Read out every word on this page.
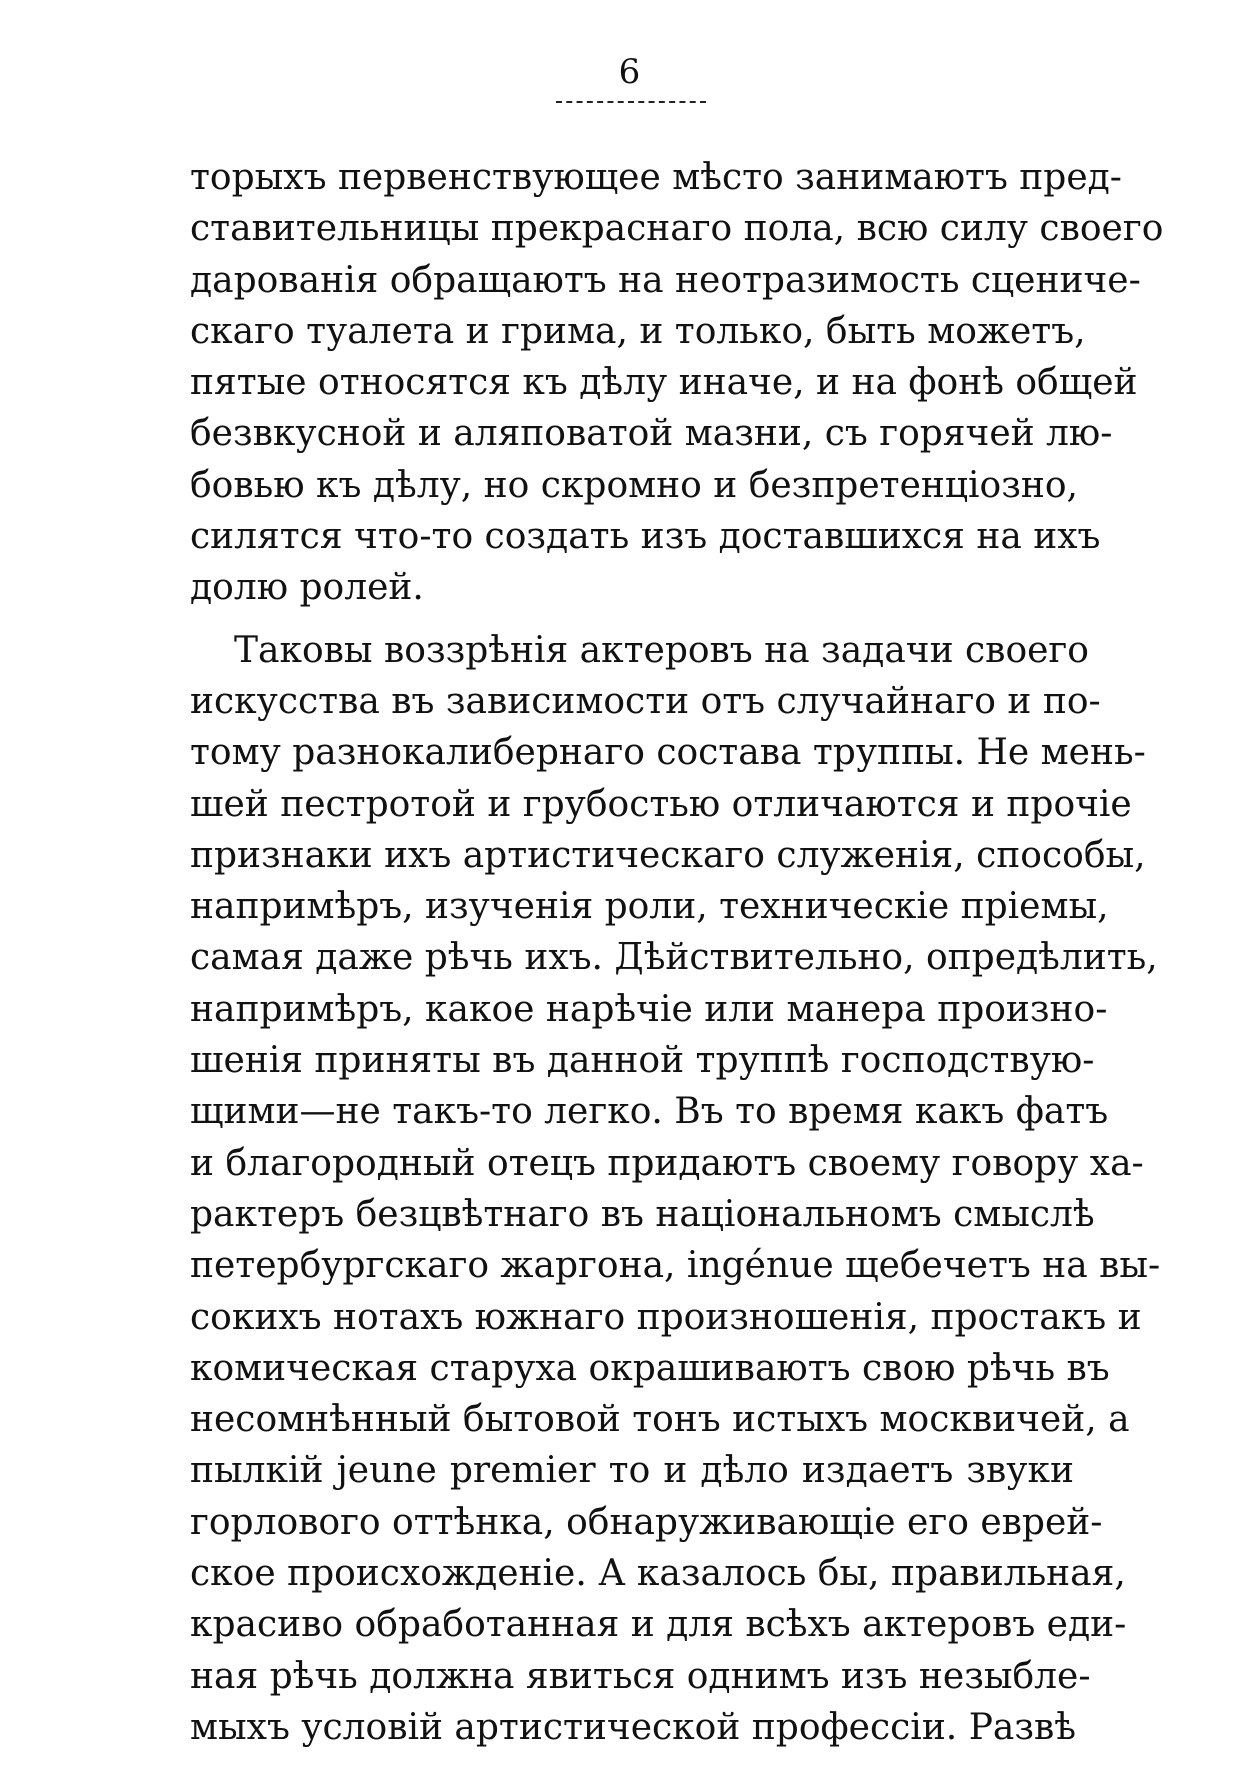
6
торыхъ первенствующее мѣсто занимаютъ пред-
ставительницы прекраснаго пола, всю силу своего
дарованія обращаютъ на неотразимость сцениче-
скаго туалета и грима, и только, быть можетъ,
пятые относятся къ дѣлу иначе, и на фонѣ общей
безвкусной и аляповатой мазни, съ горячей лю-
бовью къ дѣлу, но скромно и безпретенціозно,
силятся что-то создать изъ доставшихся на ихъ
долю ролей.
Таковы воззрѣнія актеровъ на задачи своего
искусства въ зависимости отъ случайнаго и по-
тому разнокалибернаго состава труппы. Не мень-
шей пестротой и грубостью отличаются и прочіе
признаки ихъ артистическаго служенія, способы,
напримѣръ, изученія роли, техническіе пріемы,
самая даже рѣчь ихъ. Дѣйствительно, опредѣлить,
напримѣръ, какое нарѣчіе или манера произно-
шенія приняты въ данной труппѣ господствую-
щими—не такъ-то легко. Въ то время какъ фатъ
и благородный отецъ придаютъ своему говору ха-
рактеръ безцвѣтнаго въ національномъ смыслѣ
петербургскаго жаргона, ingénue щебечетъ на вы-
сокихъ нотахъ южнаго произношенія, простакъ и
комическая старуха окрашиваютъ свою рѣчь въ
несомнѣнный бытовой тонъ истыхъ москвичей, а
пылкій jeune premier то и дѣло издаетъ звуки
горлового оттѣнка, обнаруживающіе его еврей-
ское происхожденіе. А казалось бы, правильная,
красиво обработанная и для всѣхъ актеровъ еди-
ная рѣчь должна явиться однимъ изъ незыбле-
мыхъ условій артистической профессіи. Развѣ
